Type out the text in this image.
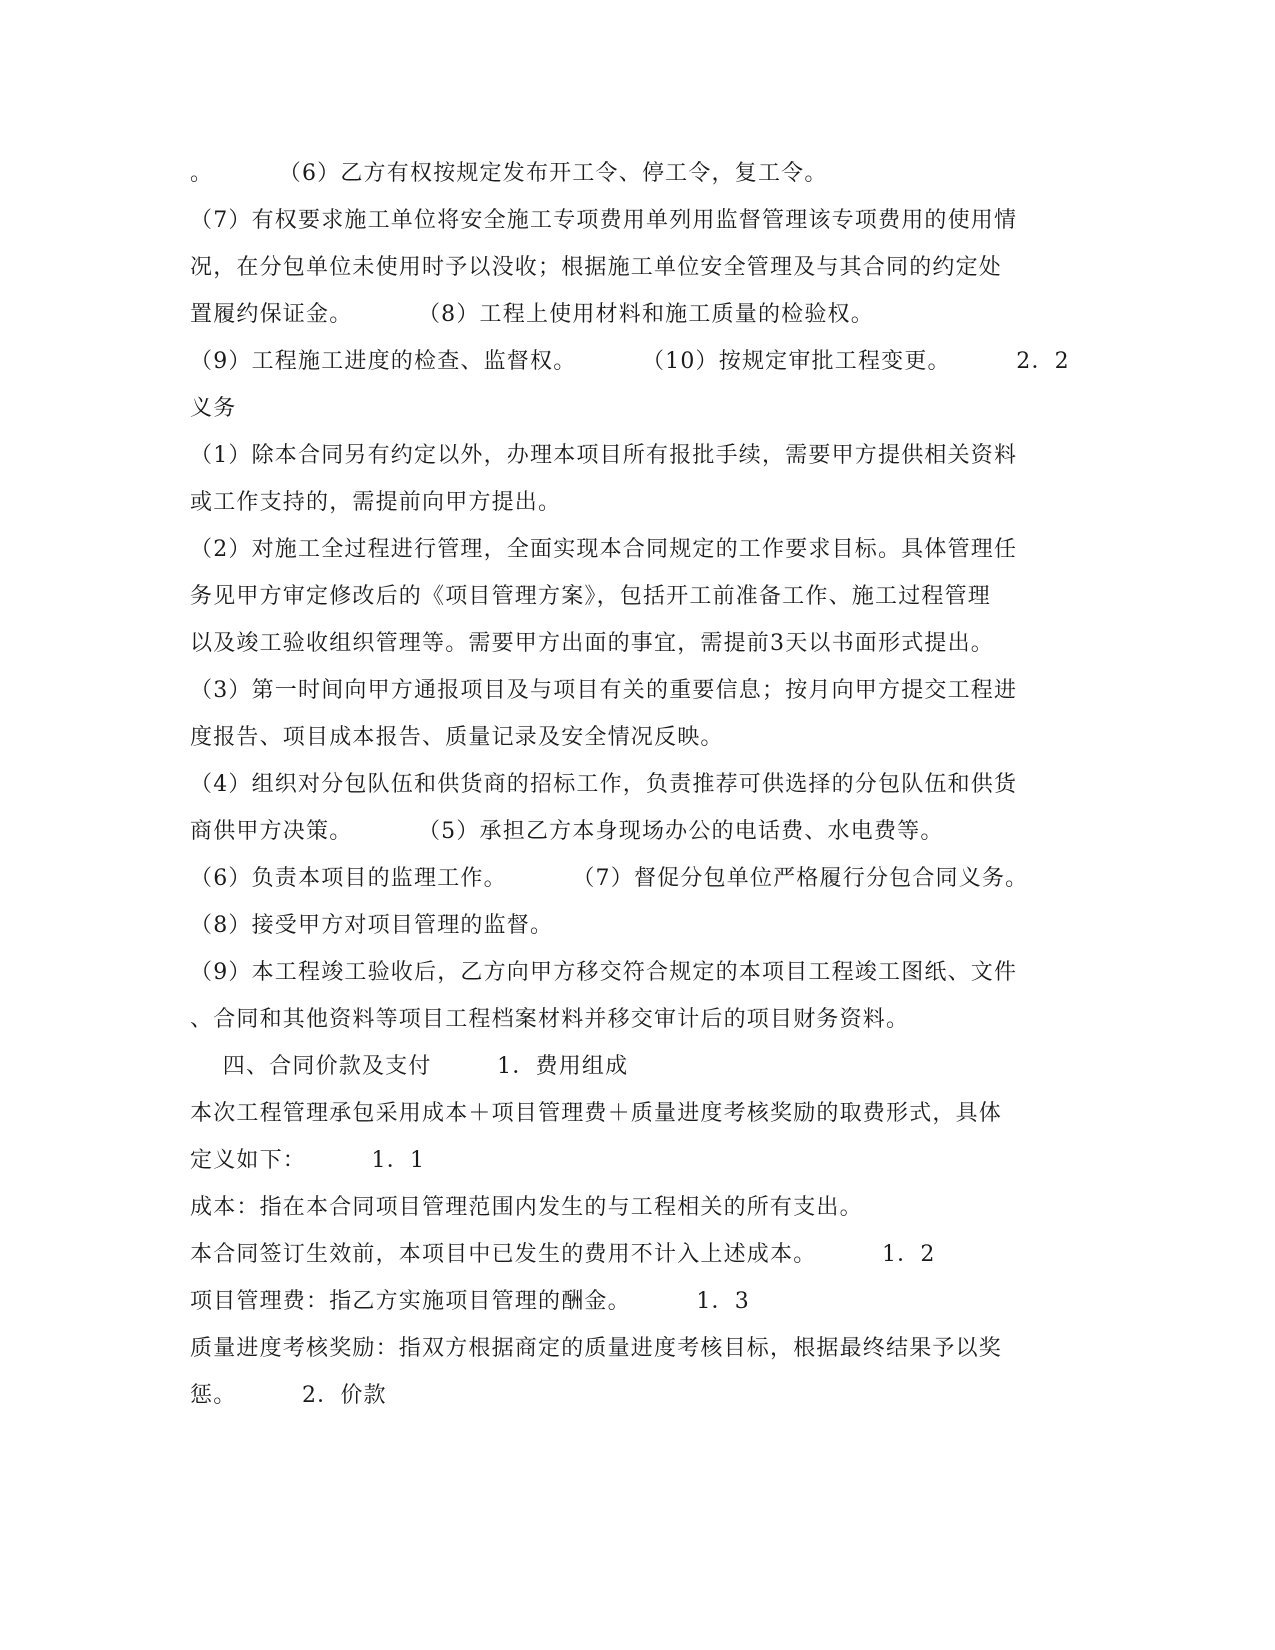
。        （6）乙方有权按规定发布开工令、停工令，复工令。
（7）有权要求施工单位将安全施工专项费用单列用监督管理该专项费用的使用情
况，在分包单位未使用时予以没收；根据施工单位安全管理及与其合同的约定处
置履约保证金。        （8）工程上使用材料和施工质量的检验权。
（9）工程施工进度的检查、监督权。        （10）按规定审批工程变更。        2．2
义务
（1）除本合同另有约定以外，办理本项目所有报批手续，需要甲方提供相关资料
或工作支持的，需提前向甲方提出。
（2）对施工全过程进行管理，全面实现本合同规定的工作要求目标。具体管理任
务见甲方审定修改后的《项目管理方案》，包括开工前准备工作、施工过程管理
以及竣工验收组织管理等。需要甲方出面的事宜，需提前3天以书面形式提出。
（3）第一时间向甲方通报项目及与项目有关的重要信息；按月向甲方提交工程进
度报告、项目成本报告、质量记录及安全情况反映。
（4）组织对分包队伍和供货商的招标工作，负责推荐可供选择的分包队伍和供货
商供甲方决策。        （5）承担乙方本身现场办公的电话费、水电费等。
（6）负责本项目的监理工作。        （7）督促分包单位严格履行分包合同义务。
（8）接受甲方对项目管理的监督。
（9）本工程竣工验收后，乙方向甲方移交符合规定的本项目工程竣工图纸、文件
、合同和其他资料等项目工程档案材料并移交审计后的项目财务资料。
四、合同价款及支付        1．费用组成
本次工程管理承包采用成本＋项目管理费＋质量进度考核奖励的取费形式，具体
定义如下：        1．1
成本：指在本合同项目管理范围内发生的与工程相关的所有支出。
本合同签订生效前，本项目中已发生的费用不计入上述成本。        1．2
项目管理费：指乙方实施项目管理的酬金。        1．3
质量进度考核奖励：指双方根据商定的质量进度考核目标，根据最终结果予以奖
惩。        2．价款
